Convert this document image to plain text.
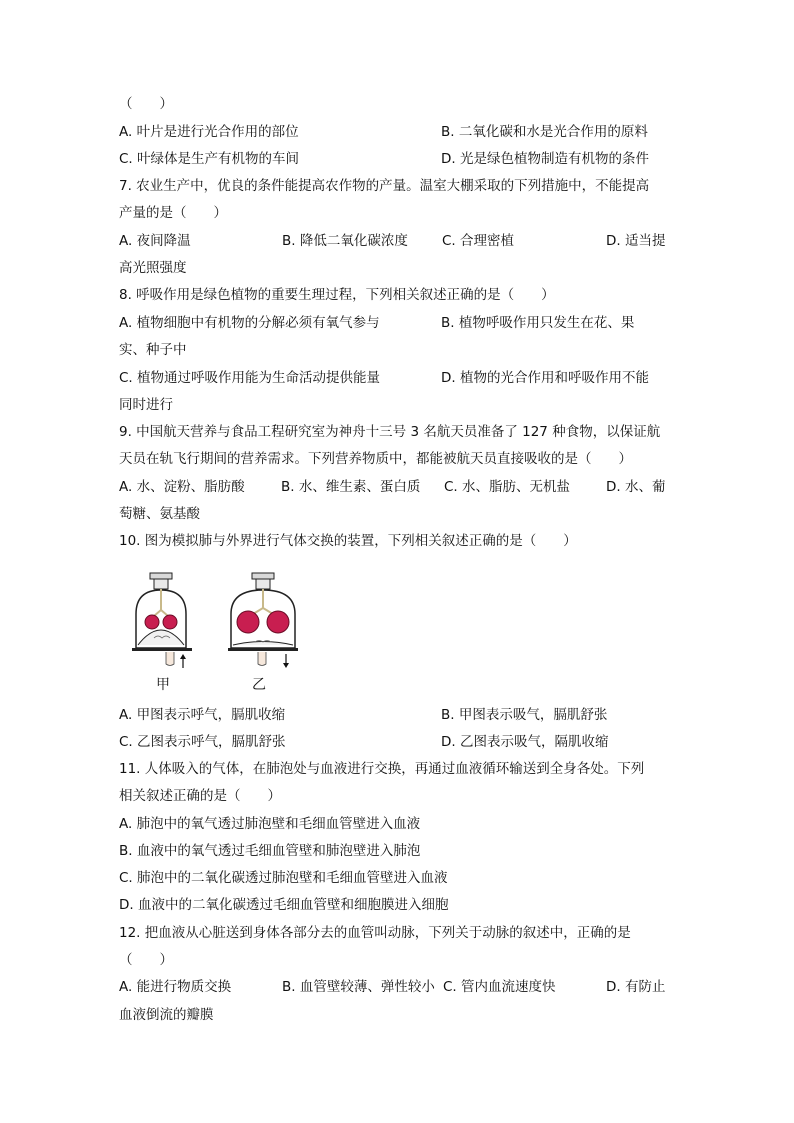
（　　）
A. 叶片是进行光合作用的部位	B. 二氧化碳和水是光合作用的原料
C. 叶绿体是生产有机物的车间	D. 光是绿色植物制造有机物的条件
7. 农业生产中，优良的条件能提高农作物的产量。温室大棚采取的下列措施中，不能提高
产量的是（　　）
A. 夜间降温	B. 降低二氧化碳浓度	C. 合理密植	D. 适当提
高光照强度
8. 呼吸作用是绿色植物的重要生理过程，下列相关叙述正确的是（　　）
A. 植物细胞中有机物的分解必须有氧气参与	B. 植物呼吸作用只发生在花、果
实、种子中
C. 植物通过呼吸作用能为生命活动提供能量	D. 植物的光合作用和呼吸作用不能
同时进行
9. 中国航天营养与食品工程研究室为神舟十三号 3 名航天员准备了 127 种食物，以保证航
天员在轨飞行期间的营养需求。下列营养物质中，都能被航天员直接吸收的是（　　）
A. 水、淀粉、脂肪酸	B. 水、维生素、蛋白质 C. 水、脂肪、无机盐	D. 水、葡
萄糖、氨基酸
10. 图为模拟肺与外界进行气体交换的装置，下列相关叙述正确的是（　　）
甲	乙
A. 甲图表示呼气，膈肌收缩	B. 甲图表示吸气，膈肌舒张
C. 乙图表示呼气，膈肌舒张	D. 乙图表示吸气，隔肌收缩
11. 人体吸入的气体，在肺泡处与血液进行交换，再通过血液循环输送到全身各处。下列
相关叙述正确的是（　　）
A. 肺泡中的氧气透过肺泡壁和毛细血管壁进入血液
B. 血液中的氧气透过毛细血管壁和肺泡壁进入肺泡
C. 肺泡中的二氧化碳透过肺泡壁和毛细血管壁进入血液
D. 血液中的二氧化碳透过毛细血管壁和细胞膜进入细胞
12. 把血液从心脏送到身体各部分去的血管叫动脉，下列关于动脉的叙述中，正确的是
（　　）
A. 能进行物质交换	B. 血管壁较薄、弹性较小 C. 管内血流速度快	D. 有防止
血液倒流的瓣膜
